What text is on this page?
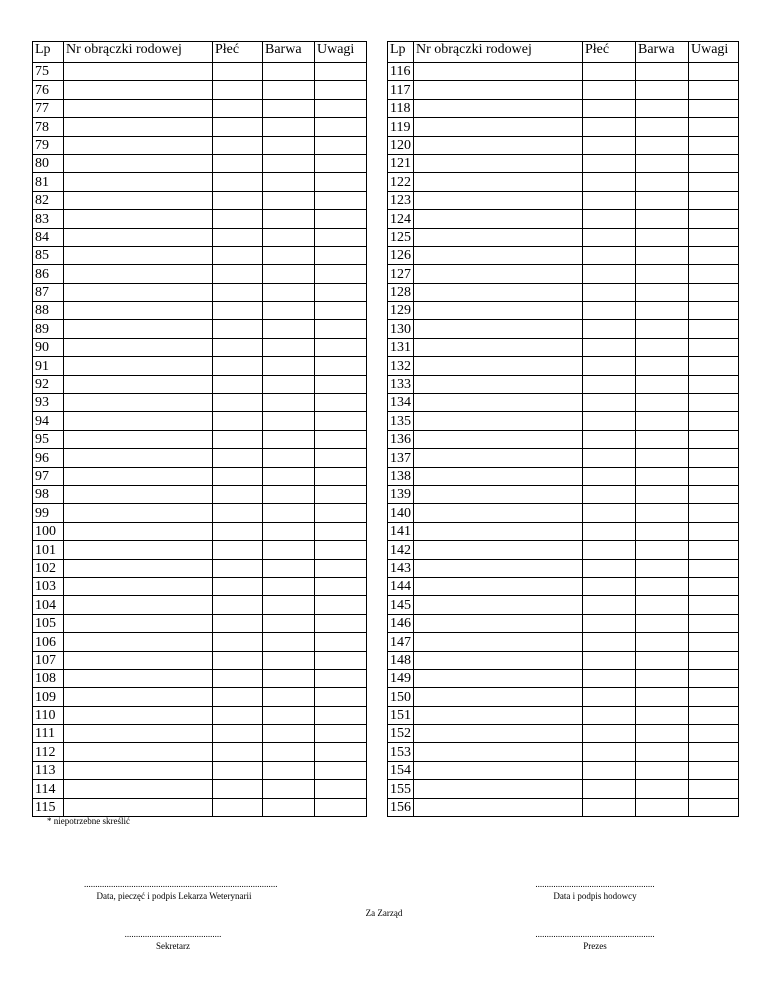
Lp	Nr obrączki rodowej	Płeć	Barwa	Uwagi
75				
76				
77				
78				
79				
80				
81				
82				
83				
84				
85				
86				
87				
88				
89				
90				
91				
92				
93				
94				
95				
96				
97				
98				
99				
100				
101				
102				
103				
104				
105				
106				
107				
108				
109				
110				
111				
112				
113				
114				
115				
Lp	Nr obrączki rodowej	Płeć	Barwa	Uwagi
116				
117				
118				
119				
120				
121				
122				
123				
124				
125				
126				
127				
128				
129				
130				
131				
132				
133				
134				
135				
136				
137				
138				
139				
140				
141				
142				
143				
144				
145				
146				
147				
148				
149				
150				
151				
152				
153				
154				
155				
156				
* niepotrzebne skreślić
......................................................................................
Data, pieczęć i podpis Lekarza Weterynarii
.....................................................
Data i podpis hodowcy
Za Zarząd
...........................................
Sekretarz
.....................................................
Prezes
